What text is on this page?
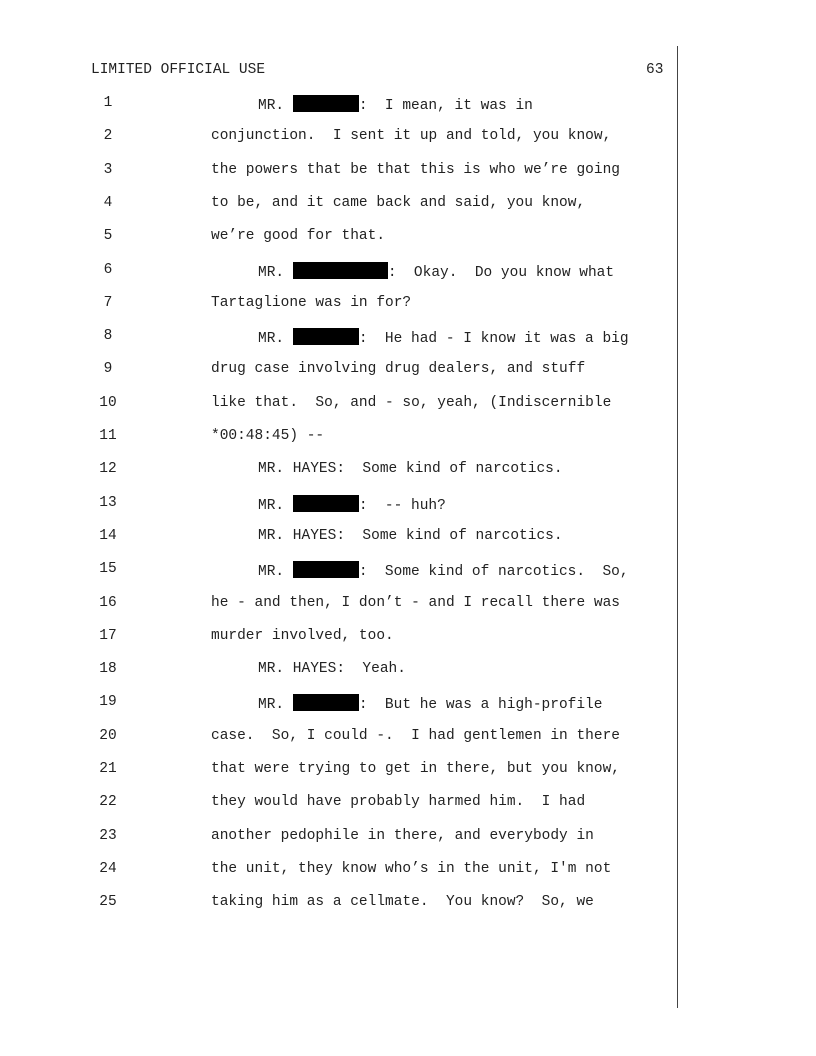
LIMITED OFFICIAL USE	63
1	MR.	:  I mean, it was in
2	conjunction.  I sent it up and told, you know,
3	the powers that be that this is who we’re going
4	to be, and it came back and said, you know,
5	we’re good for that.
6	MR.	:  Okay.  Do you know what
7	Tartaglione was in for?
8	MR.	:  He had - I know it was a big
9	drug case involving drug dealers, and stuff
10	like that.  So, and - so, yeah, (Indiscernible
11	*00:48:45) --
12	MR. HAYES:  Some kind of narcotics.
13	MR.	:  -- huh?
14	MR. HAYES:  Some kind of narcotics.
15	MR.	:  Some kind of narcotics.  So,
16	he - and then, I don’t - and I recall there was
17	murder involved, too.
18	MR. HAYES:  Yeah.
19	MR.	:  But he was a high-profile
20	case.  So, I could -.  I had gentlemen in there
21	that were trying to get in there, but you know,
22	they would have probably harmed him.  I had
23	another pedophile in there, and everybody in
24	the unit, they know who’s in the unit, I'm not
25	taking him as a cellmate.  You know?  So, we
